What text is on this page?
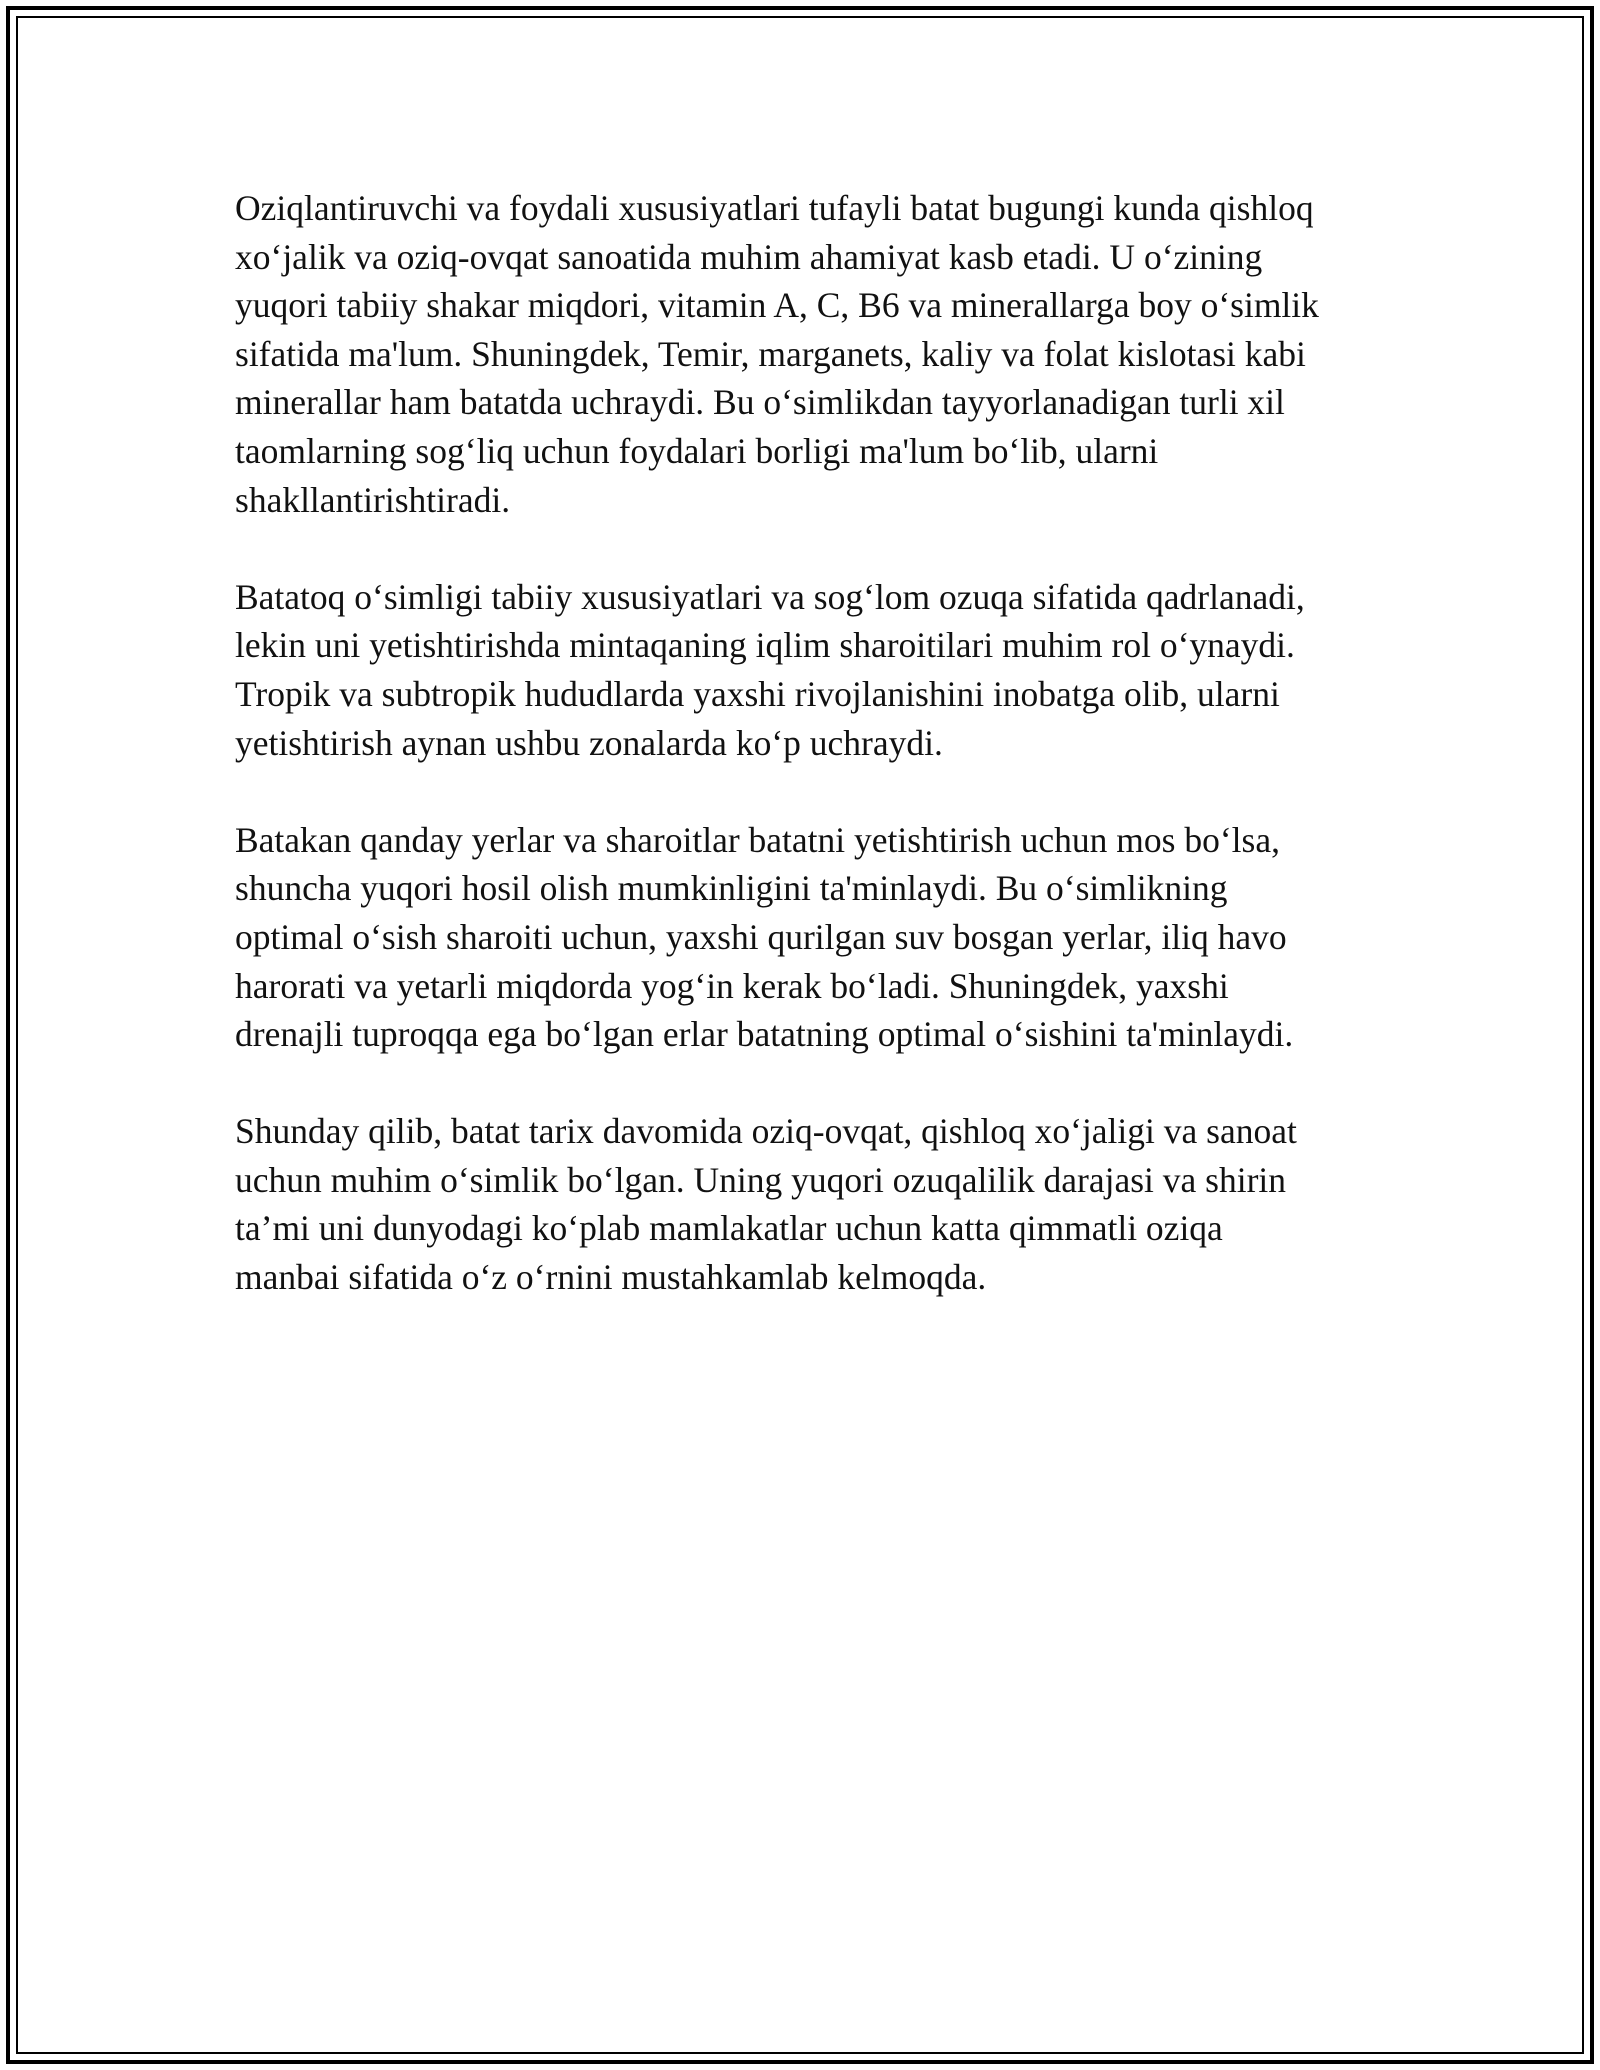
Oziqlantiruvchi va foydali xususiyatlari tufayli batat bugungi kunda qishloq
xo‘jalik va oziq-ovqat sanoatida muhim ahamiyat kasb etadi. U o‘zining
yuqori tabiiy shakar miqdori, vitamin A, C, B6 va minerallarga boy o‘simlik
sifatida ma'lum. Shuningdek, Temir, marganets, kaliy va folat kislotasi kabi
minerallar ham batatda uchraydi. Bu o‘simlikdan tayyorlanadigan turli xil
taomlarning sog‘liq uchun foydalari borligi ma'lum bo‘lib, ularni
shakllantirishtiradi.

Batatoq o‘simligi tabiiy xususiyatlari va sog‘lom ozuqa sifatida qadrlanadi,
lekin uni yetishtirishda mintaqaning iqlim sharoitilari muhim rol o‘ynaydi.
Tropik va subtropik hududlarda yaxshi rivojlanishini inobatga olib, ularni
yetishtirish aynan ushbu zonalarda ko‘p uchraydi.

Batakan qanday yerlar va sharoitlar batatni yetishtirish uchun mos bo‘lsa,
shuncha yuqori hosil olish mumkinligini ta'minlaydi. Bu o‘simlikning
optimal o‘sish sharoiti uchun, yaxshi qurilgan suv bosgan yerlar, iliq havo
harorati va yetarli miqdorda yog‘in kerak bo‘ladi. Shuningdek, yaxshi
drenajli tuproqqa ega bo‘lgan erlar batatning optimal o‘sishini ta'minlaydi.

Shunday qilib, batat tarix davomida oziq-ovqat, qishloq xo‘jaligi va sanoat
uchun muhim o‘simlik bo‘lgan. Uning yuqori ozuqalilik darajasi va shirin
ta’mi uni dunyodagi ko‘plab mamlakatlar uchun katta qimmatli oziqa
manbai sifatida o‘z o‘rnini mustahkamlab kelmoqda.
